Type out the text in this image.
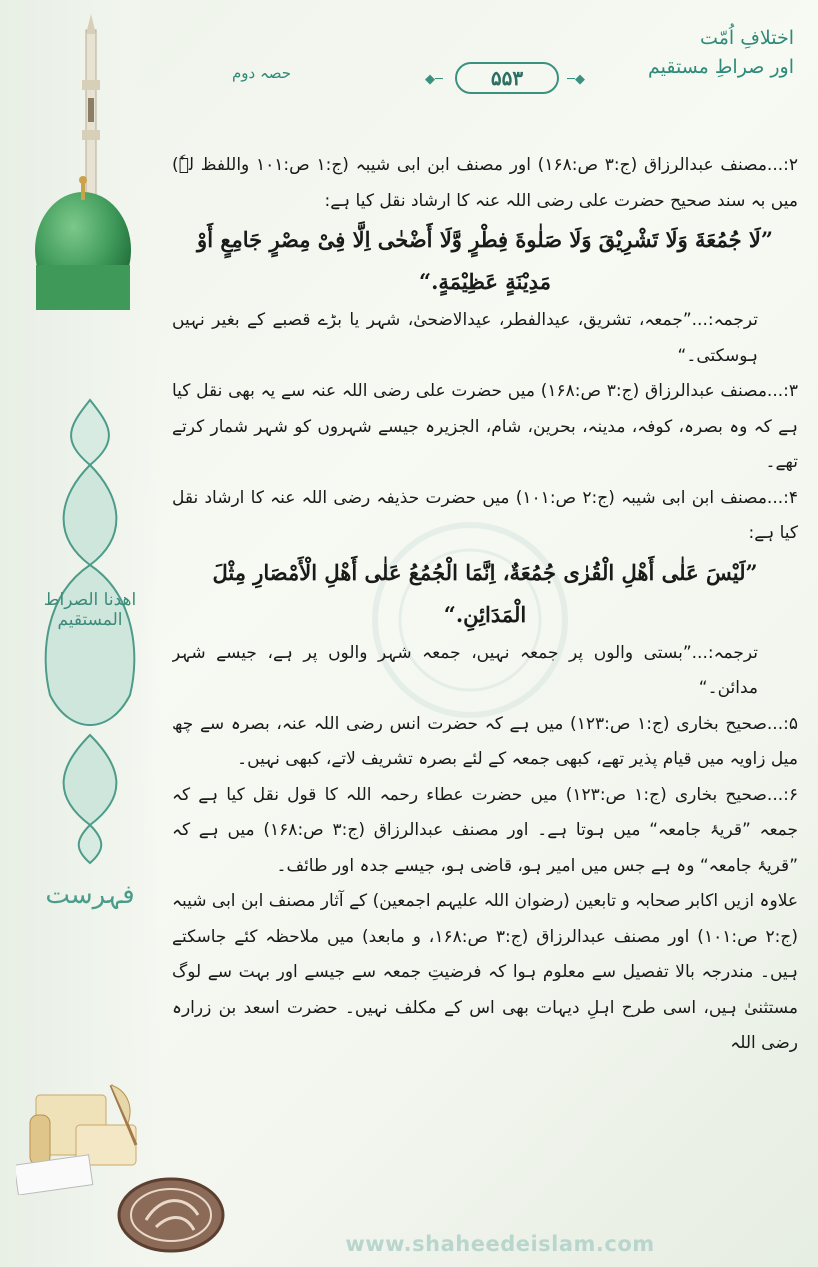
اھدنا الصراط المستقیم
فہرست
اختلافِ اُمّت
اور صراطِ مستقیم
◆─	۵۵۳	─◆
حصہ دوم

۲:...مصنف عبدالرزاق (ج:۳ ص:۱۶۸) اور مصنف ابن ابی شیبہ (ج:۱ ص:۱۰۱ واللفظ لہٗ) میں بہ سند صحیح حضرت علی رضی اللہ عنہ کا ارشاد نقل کیا ہے:

”لَا جُمُعَةَ وَلَا تَشْرِيْقَ وَلَا صَلٰوةَ فِطْرٍ وَّلَا أَضْحٰی اِلَّا فِیْ مِصْرٍ جَامِعٍ أَوْ مَدِيْنَةٍ عَظِيْمَةٍ.“

ترجمہ:...”جمعہ، تشریق، عیدالفطر، عیدالاضحیٰ، شہر یا بڑے قصبے کے بغیر نہیں ہوسکتی۔“

۳:...مصنف عبدالرزاق (ج:۳ ص:۱۶۸) میں حضرت علی رضی اللہ عنہ سے یہ بھی نقل کیا ہے کہ وہ بصرہ، کوفہ، مدینہ، بحرین، شام، الجزیرہ جیسے شہروں کو شہر شمار کرتے تھے۔

۴:...مصنف ابن ابی شیبہ (ج:۲ ص:۱۰۱) میں حضرت حذیفہ رضی اللہ عنہ کا ارشاد نقل کیا ہے:

”لَيْسَ عَلٰی أَهْلِ الْقُرٰی جُمُعَةٌ، اِنَّمَا الْجُمُعُ عَلٰی أَهْلِ الْأَمْصَارِ مِثْلَ الْمَدَائِنِ.“

ترجمہ:...”بستی والوں پر جمعہ نہیں، جمعہ شہر والوں پر ہے، جیسے شہر مدائن۔“

۵:...صحیح بخاری (ج:۱ ص:۱۲۳) میں ہے کہ حضرت انس رضی اللہ عنہ، بصرہ سے چھ میل زاویہ میں قیام پذیر تھے، کبھی جمعہ کے لئے بصرہ تشریف لاتے، کبھی نہیں۔

۶:...صحیح بخاری (ج:۱ ص:۱۲۳) میں حضرت عطاء رحمہ اللہ کا قول نقل کیا ہے کہ جمعہ ”قریۂ جامعہ“ میں ہوتا ہے۔ اور مصنف عبدالرزاق (ج:۳ ص:۱۶۸) میں ہے کہ ”قریۂ جامعہ“ وہ ہے جس میں امیر ہو، قاضی ہو، جیسے جدہ اور طائف۔

علاوہ ازیں اکابر صحابہ و تابعین (رضوان اللہ علیہم اجمعین) کے آثار مصنف ابن ابی شیبہ (ج:۲ ص:۱۰۱) اور مصنف عبدالرزاق (ج:۳ ص:۱۶۸، و مابعد) میں ملاحظہ کئے جاسکتے ہیں۔ مندرجہ بالا تفصیل سے معلوم ہوا کہ فرضیتِ جمعہ سے جیسے اور بہت سے لوگ مستثنیٰ ہیں، اسی طرح اہلِ دیہات بھی اس کے مکلف نہیں۔ حضرت اسعد بن زرارہ رضی اللہ

www.shaheedeislam.com
